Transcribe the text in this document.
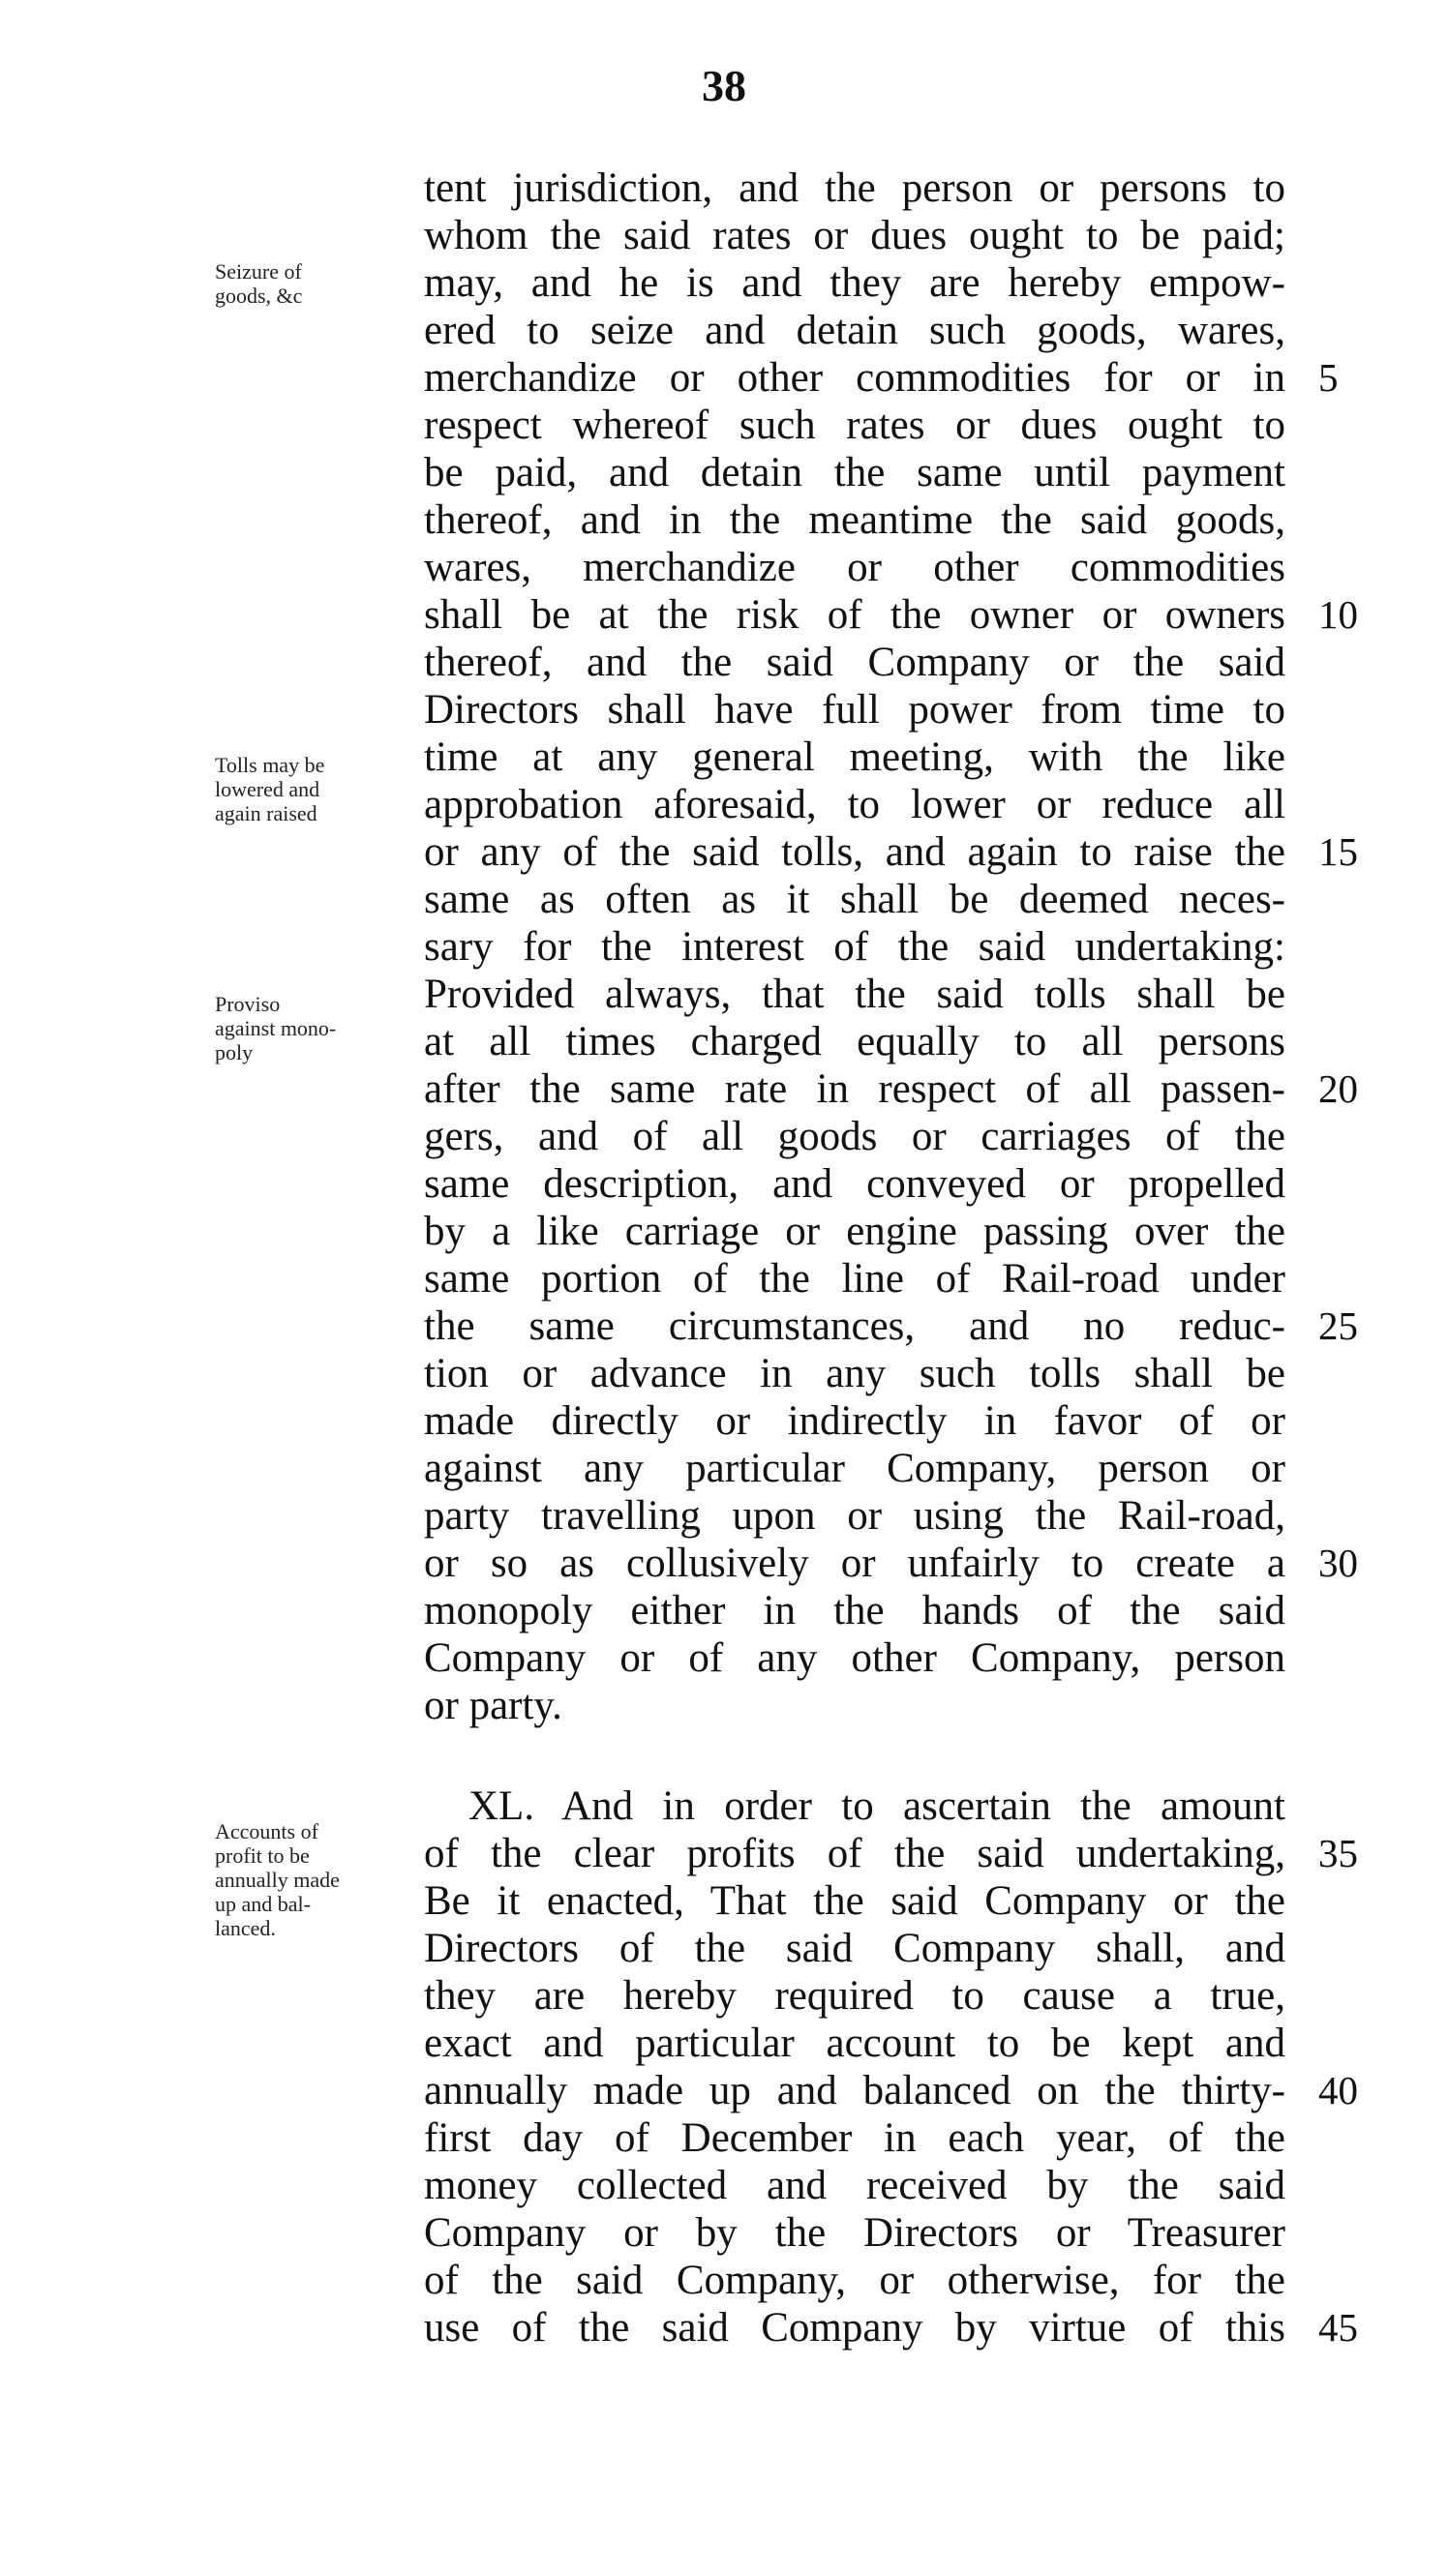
38
Seizure of
goods, &c
Tolls may be
lowered and
again raised
Proviso
against mono-
poly
Accounts of
profit to be
annually made
up and bal-
lanced.
tent jurisdiction, and the person or persons to
whom the said rates or dues ought to be paid;
may, and he is and they are hereby empow-
ered to seize and detain such goods, wares,
merchandize or other commodities for or in
respect whereof such rates or dues ought to
be paid, and detain the same until payment
thereof, and in the meantime the said goods,
wares, merchandize or other commodities
shall be at the risk of the owner or owners
thereof, and the said Company or the said
Directors shall have full power from time to
time at any general meeting, with the like
approbation aforesaid, to lower or reduce all
or any of the said tolls, and again to raise the
same as often as it shall be deemed neces-
sary for the interest of the said undertaking:
Provided always, that the said tolls shall be
at all times charged equally to all persons
after the same rate in respect of all passen-
gers, and of all goods or carriages of the
same description, and conveyed or propelled
by a like carriage or engine passing over the
same portion of the line of Rail-road under
the same circumstances, and no reduc-
tion or advance in any such tolls shall be
made directly or indirectly in favor of or
against any particular Company, person or
party travelling upon or using the Rail-road,
or so as collusively or unfairly to create a
monopoly either in the hands of the said
Company or of any other Company, person
or party.
XL. And in order to ascertain the amount
of the clear profits of the said undertaking,
Be it enacted, That the said Company or the
Directors of the said Company shall, and
they are hereby required to cause a true,
exact and particular account to be kept and
annually made up and balanced on the thirty-
first day of December in each year, of the
money collected and received by the said
Company or by the Directors or Treasurer
of the said Company, or otherwise, for the
use of the said Company by virtue of this
5
10
15
20
25
30
35
40
45
